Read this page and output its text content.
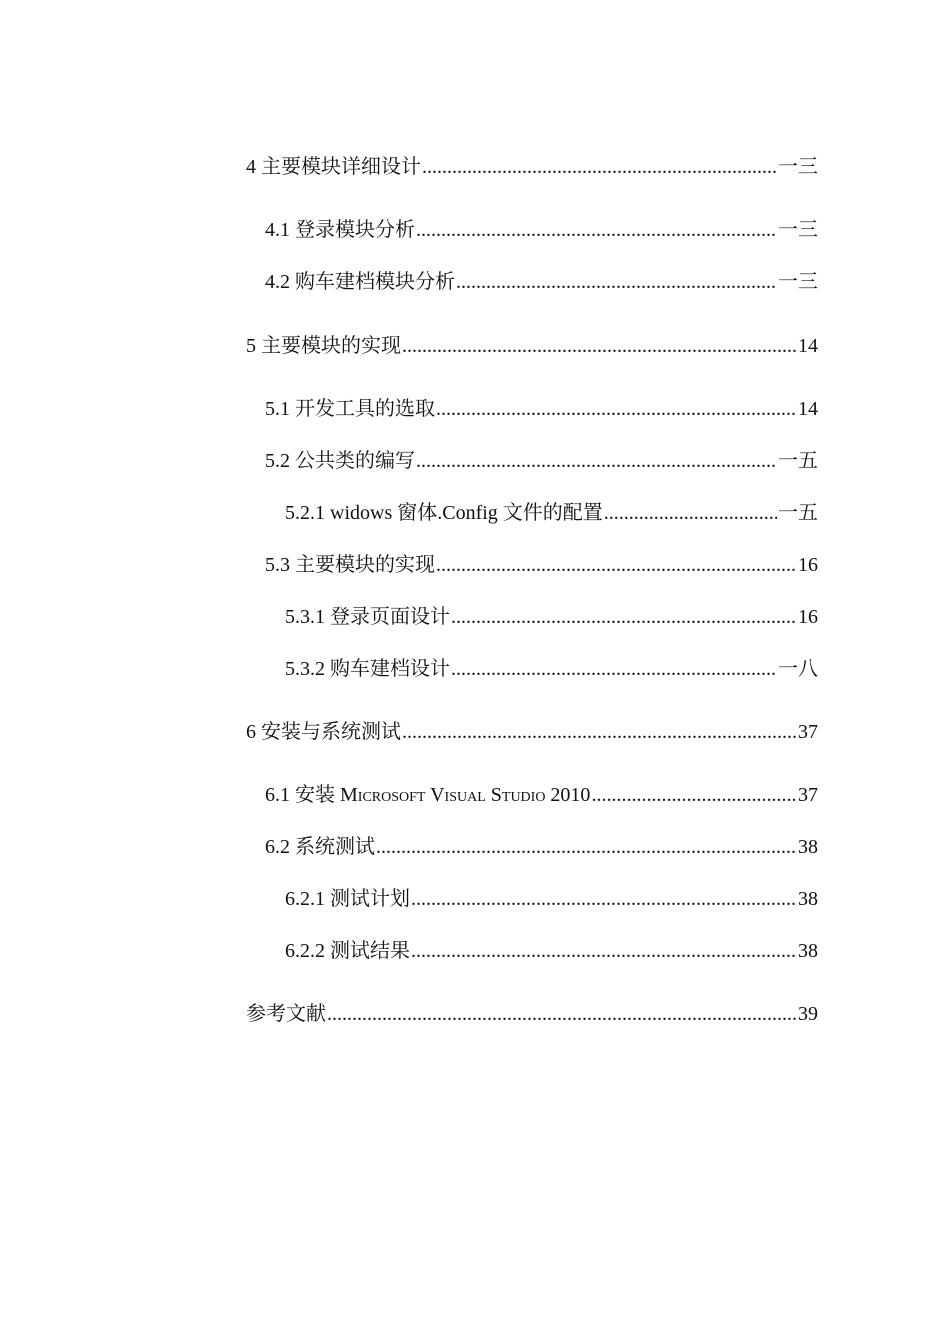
4 主要模块详细设计 .....	一三
4.1 登录模块分析 .....	一三
4.2 购车建档模块分析 .....	一三
5 主要模块的实现 .....	14
5.1 开发工具的选取 .....	14
5.2 公共类的编写 .....	一五
5.2.1 widows 窗体.Config 文件的配置 .....	一五
5.3 主要模块的实现 .....	16
5.3.1 登录页面设计 .....	16
5.3.2 购车建档设计 .....	一八
6 安装与系统测试 .....	37
6.1 安装 Microsoft Visual Studio 2010 .....	37
6.2 系统测试 .....	38
6.2.1 测试计划 .....	38
6.2.2 测试结果 .....	38
参考文献 .....	39
